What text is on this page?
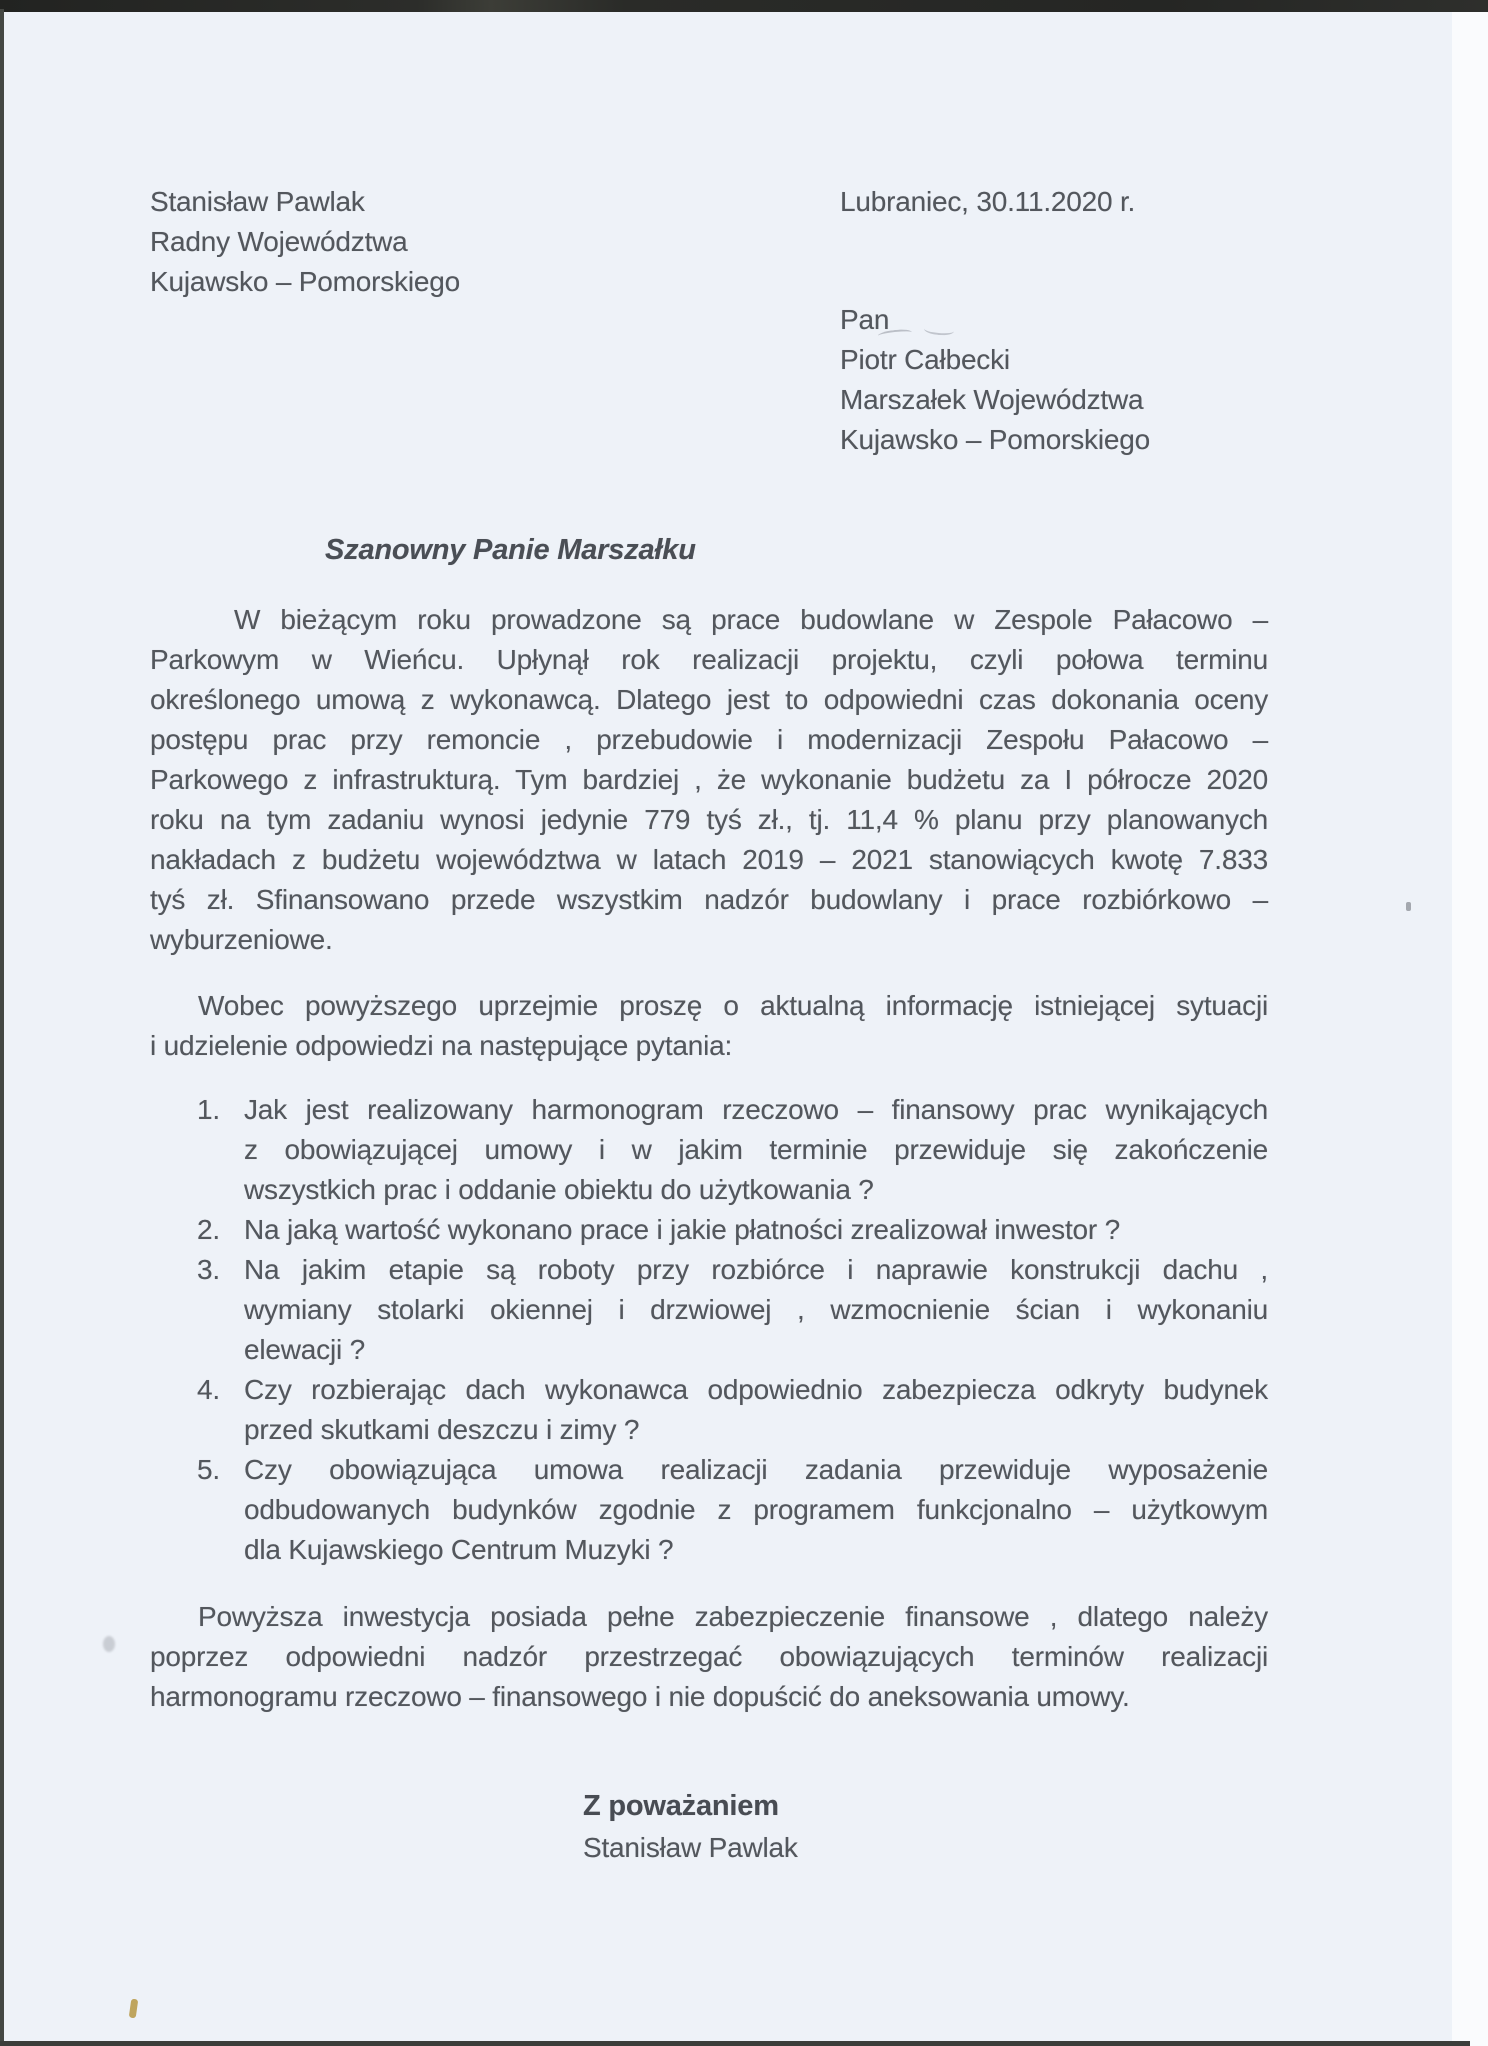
Stanisław Pawlak
Radny Województwa
Kujawsko – Pomorskiego
Lubraniec, 30.11.2020 r.
Pan
Piotr Całbecki
Marszałek Województwa
Kujawsko – Pomorskiego
Szanowny Panie Marszałku
W bieżącym roku prowadzone są prace budowlane w Zespole Pałacowo –
Parkowym w Wieńcu. Upłynął rok realizacji projektu, czyli połowa terminu
określonego umową z wykonawcą. Dlatego jest to odpowiedni czas dokonania oceny
postępu prac przy remoncie , przebudowie i modernizacji Zespołu Pałacowo –
Parkowego z infrastrukturą. Tym bardziej , że wykonanie budżetu za I półrocze 2020
roku na tym zadaniu wynosi jedynie 779 tyś zł., tj. 11,4 % planu przy planowanych
nakładach z budżetu województwa w latach 2019 – 2021 stanowiących kwotę 7.833
tyś zł. Sfinansowano przede wszystkim nadzór budowlany i prace rozbiórkowo –
wyburzeniowe.
Wobec powyższego uprzejmie proszę o aktualną informację istniejącej sytuacji
i udzielenie odpowiedzi na następujące pytania:
Jak jest realizowany harmonogram rzeczowo – finansowy prac wynikających
z obowiązującej umowy i w jakim terminie przewiduje się zakończenie
wszystkich prac i oddanie obiektu do użytkowania ?
Na jaką wartość wykonano prace i jakie płatności zrealizował inwestor ?
Na jakim etapie są roboty przy rozbiórce i naprawie konstrukcji dachu ,
wymiany stolarki okiennej i drzwiowej , wzmocnienie ścian i wykonaniu
elewacji ?
Czy rozbierając dach wykonawca odpowiednio zabezpiecza odkryty budynek
przed skutkami deszczu i zimy ?
Czy obowiązująca umowa realizacji zadania przewiduje wyposażenie
odbudowanych budynków zgodnie z programem funkcjonalno – użytkowym
dla Kujawskiego Centrum Muzyki ?
Powyższa inwestycja posiada pełne zabezpieczenie finansowe , dlatego należy
poprzez odpowiedni nadzór przestrzegać obowiązujących terminów realizacji
harmonogramu rzeczowo – finansowego i nie dopuścić do aneksowania umowy.
Z poważaniem
Stanisław Pawlak
